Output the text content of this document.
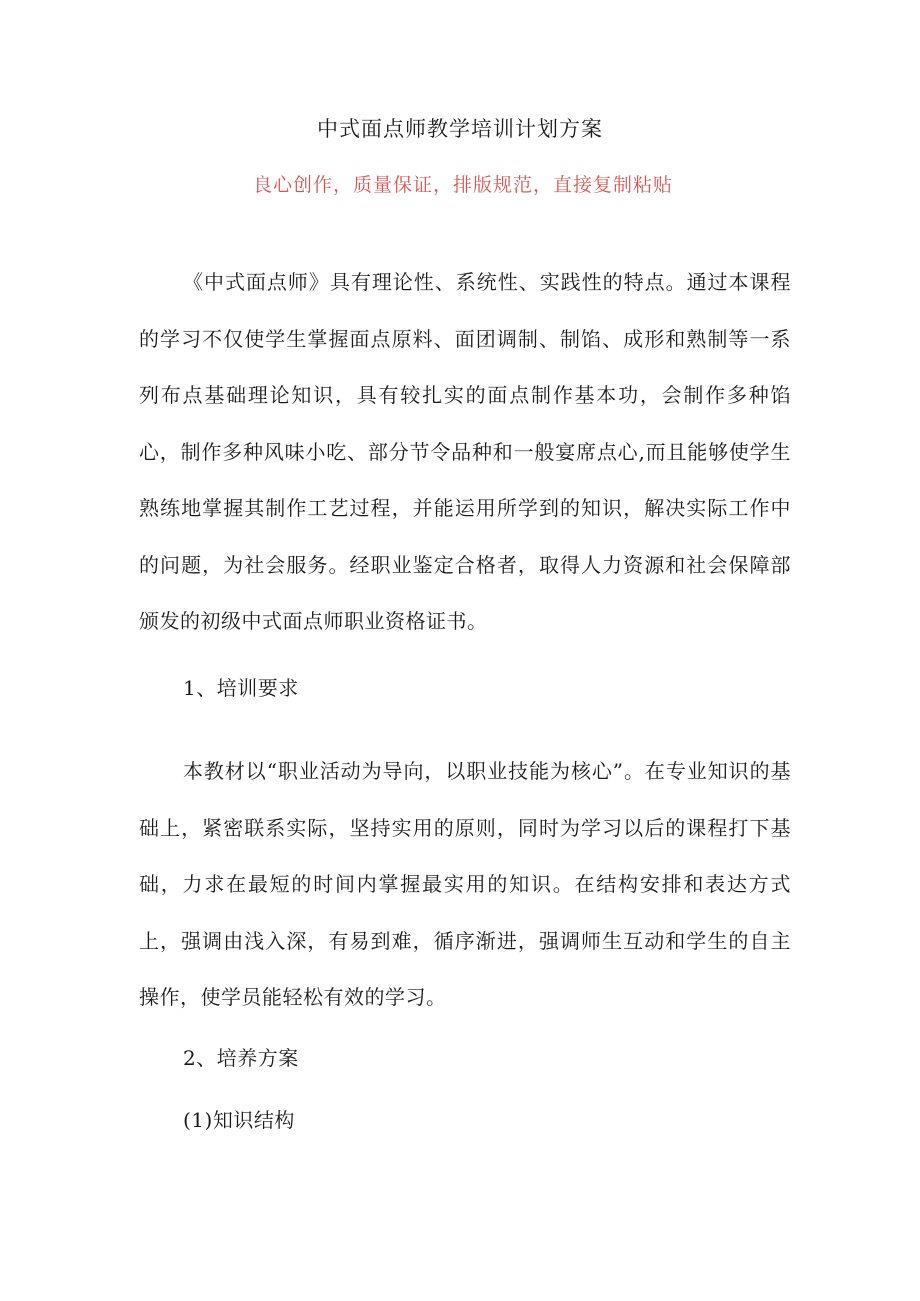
中式面点师教学培训计划方案
良心创作，质量保证，排版规范，直接复制粘贴

《中式面点师》具有理论性、系统性、实践性的特点。通过本课程的学习不仅使学生掌握面点原料、面团调制、制馅、成形和熟制等一系列布点基础理论知识，具有较扎实的面点制作基本功，会制作多种馅心，制作多种风味小吃、部分节令品种和一般宴席点心,而且能够使学生熟练地掌握其制作工艺过程，并能运用所学到的知识，解决实际工作中的问题，为社会服务。经职业鉴定合格者，取得人力资源和社会保障部颁发的初级中式面点师职业资格证书。

1、培训要求

本教材以“职业活动为导向，以职业技能为核心”。在专业知识的基础上，紧密联系实际，坚持实用的原则，同时为学习以后的课程打下基础，力求在最短的时间内掌握最实用的知识。在结构安排和表达方式上，强调由浅入深，有易到难，循序渐进，强调师生互动和学生的自主操作，使学员能轻松有效的学习。

2、培养方案

(1)知识结构
